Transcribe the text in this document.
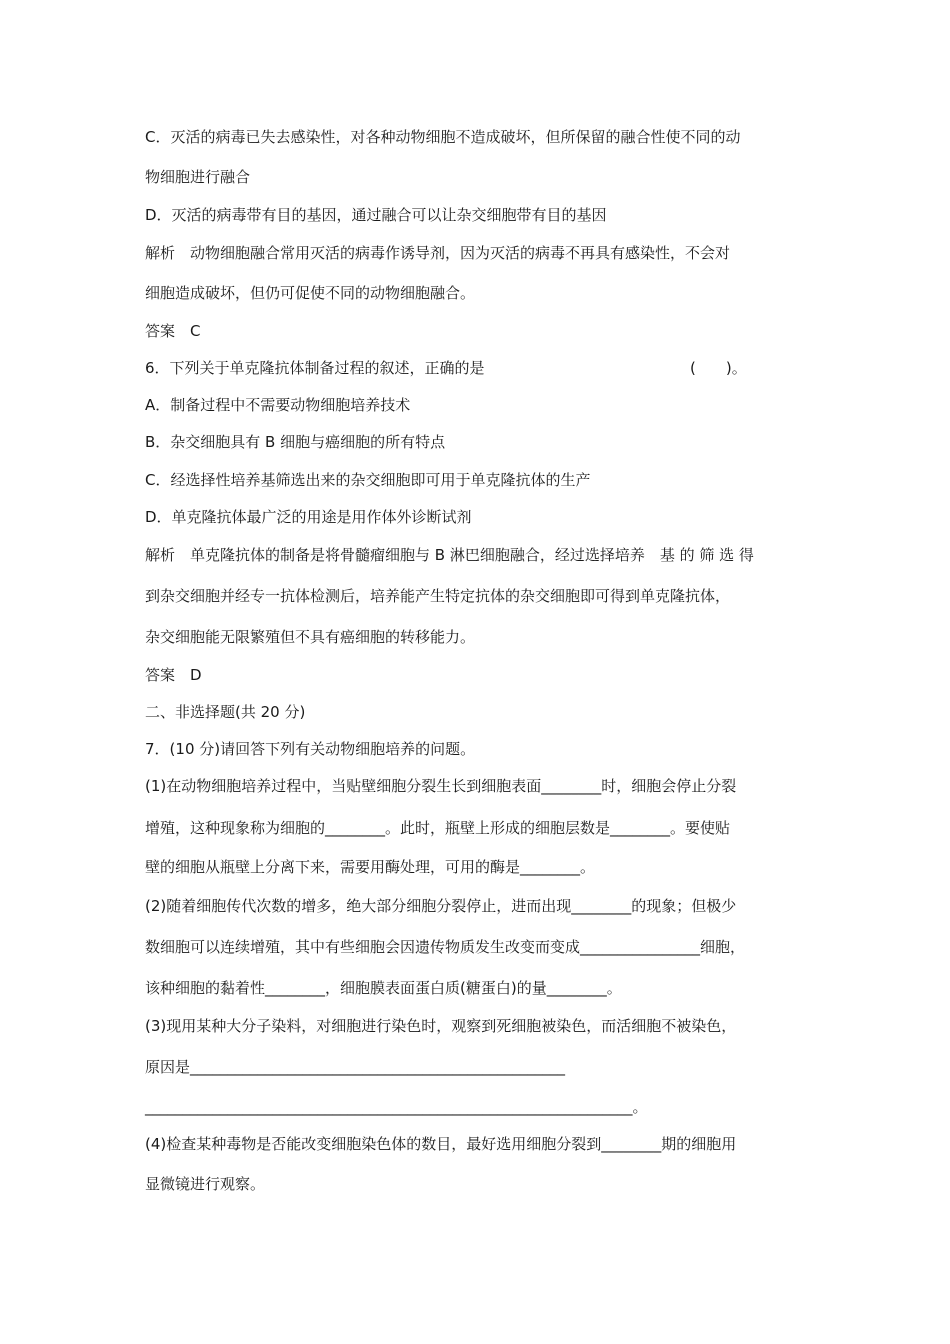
C．灭活的病毒已失去感染性，对各种动物细胞不造成破坏，但所保留的融合性使不同的动
物细胞进行融合
D．灭活的病毒带有目的基因，通过融合可以让杂交细胞带有目的基因
解析　动物细胞融合常用灭活的病毒作诱导剂，因为灭活的病毒不再具有感染性，不会对
细胞造成破坏，但仍可促使不同的动物细胞融合。
答案　C
6．下列关于单克隆抗体制备过程的叙述，正确的是	(　　)。
A．制备过程中不需要动物细胞培养技术
B．杂交细胞具有 B 细胞与癌细胞的所有特点
C．经选择性培养基筛选出来的杂交细胞即可用于单克隆抗体的生产
D．单克隆抗体最广泛的用途是用作体外诊断试剂
解析　单克隆抗体的制备是将骨髓瘤细胞与 B 淋巴细胞融合，经过选择培养　基 的 筛 选 得
到杂交细胞并经专一抗体检测后，培养能产生特定抗体的杂交细胞即可得到单克隆抗体，
杂交细胞能无限繁殖但不具有癌细胞的转移能力。
答案　D
二、非选择题(共 20 分)
7．(10 分)请回答下列有关动物细胞培养的问题。
(1)在动物细胞培养过程中，当贴壁细胞分裂生长到细胞表面________时，细胞会停止分裂
增殖，这种现象称为细胞的________。此时，瓶壁上形成的细胞层数是________。要使贴
壁的细胞从瓶壁上分离下来，需要用酶处理，可用的酶是________。
(2)随着细胞传代次数的增多，绝大部分细胞分裂停止，进而出现________的现象；但极少
数细胞可以连续增殖，其中有些细胞会因遗传物质发生改变而变成________________细胞，
该种细胞的黏着性________，细胞膜表面蛋白质(糖蛋白)的量________。
(3)现用某种大分子染料，对细胞进行染色时，观察到死细胞被染色，而活细胞不被染色，
原因是__________________________________________________
_________________________________________________________________。
(4)检查某种毒物是否能改变细胞染色体的数目，最好选用细胞分裂到________期的细胞用
显微镜进行观察。
